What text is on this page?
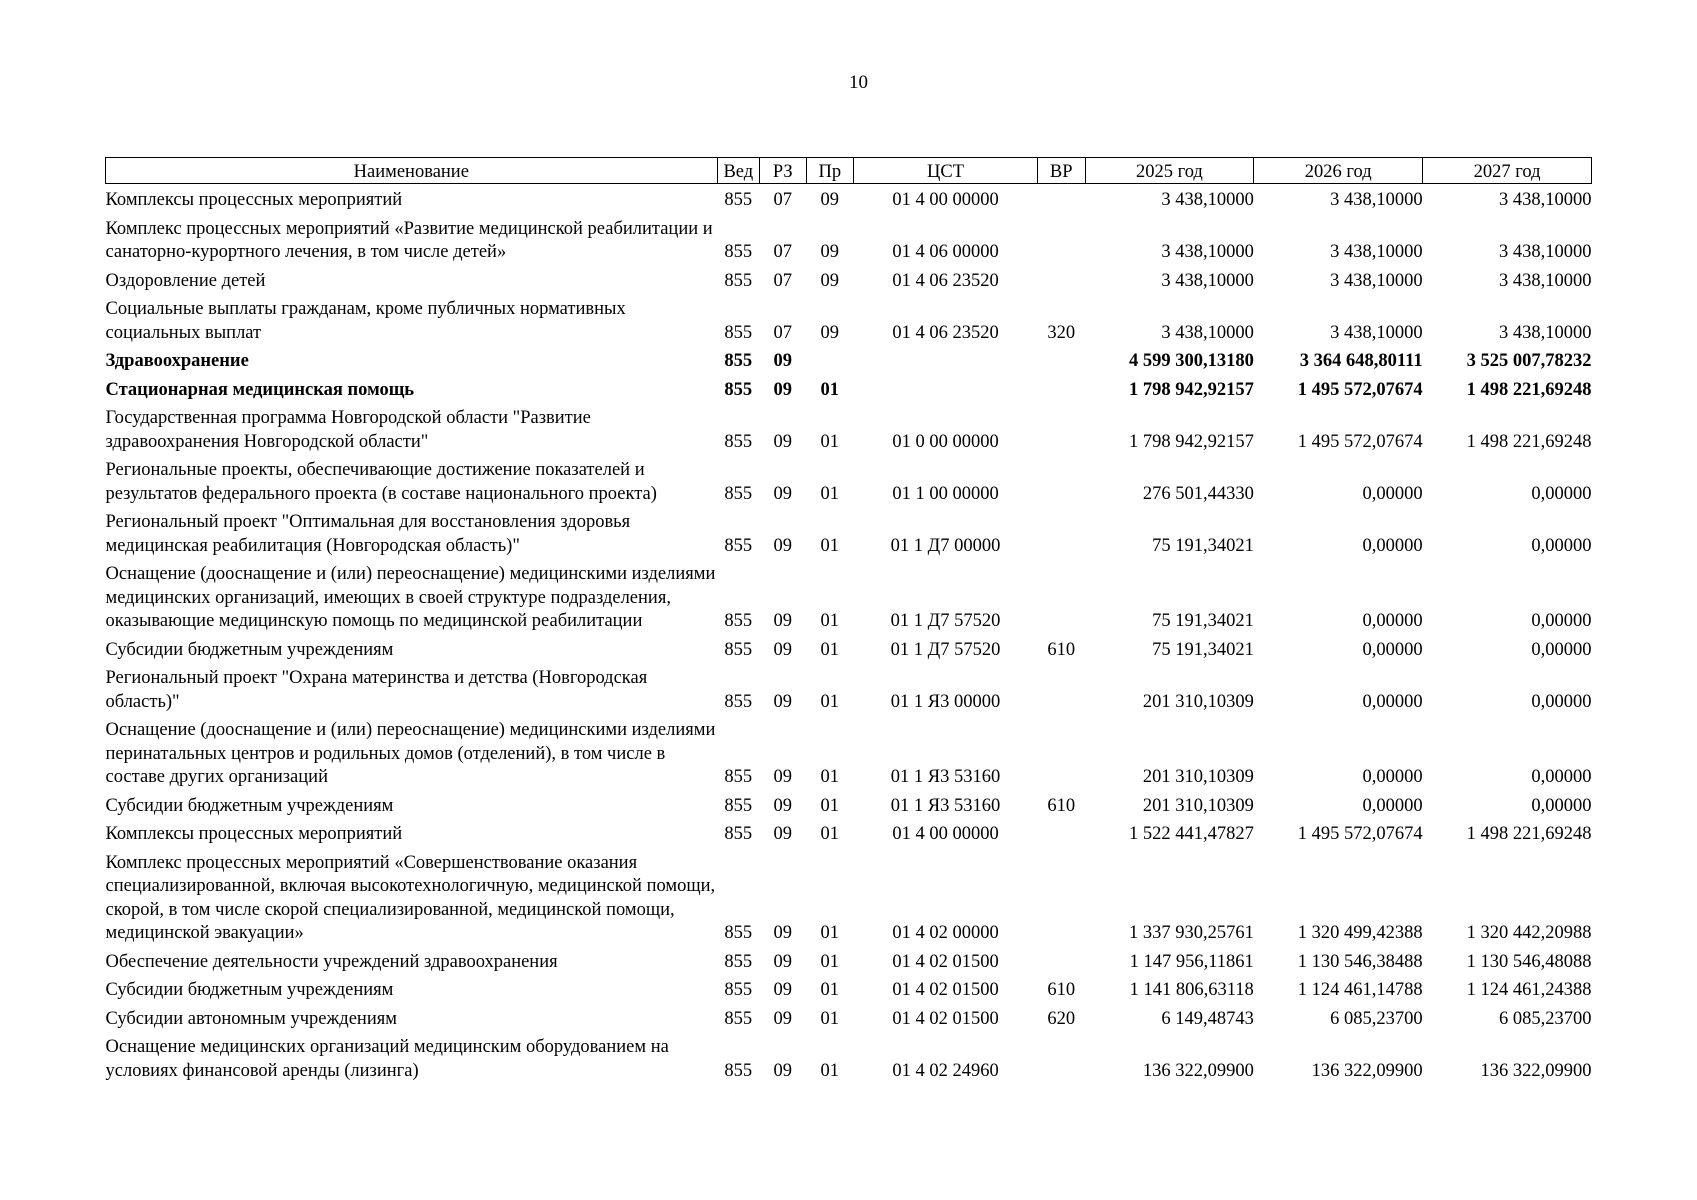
10
Наименование	Вед	РЗ	Пр	ЦСТ	ВР	2025 год	2026 год	2027 год
Комплексы процессных мероприятий	855	07	09	01 4 00 00000		3 438,10000	3 438,10000	3 438,10000
Комплекс процессных мероприятий «Развитие медицинской реабилитации и санаторно-курортного лечения, в том числе детей»	855	07	09	01 4 06 00000		3 438,10000	3 438,10000	3 438,10000
Оздоровление детей	855	07	09	01 4 06 23520		3 438,10000	3 438,10000	3 438,10000
Социальные выплаты гражданам, кроме публичных нормативных социальных выплат	855	07	09	01 4 06 23520	320	3 438,10000	3 438,10000	3 438,10000
Здравоохранение	855	09				4 599 300,13180	3 364 648,80111	3 525 007,78232
Стационарная медицинская помощь	855	09	01			1 798 942,92157	1 495 572,07674	1 498 221,69248
Государственная программа Новгородской области "Развитие здравоохранения Новгородской области"	855	09	01	01 0 00 00000		1 798 942,92157	1 495 572,07674	1 498 221,69248
Региональные проекты, обеспечивающие достижение показателей и результатов федерального проекта (в составе национального проекта)	855	09	01	01 1 00 00000		276 501,44330	0,00000	0,00000
Региональный проект "Оптимальная для восстановления здоровья медицинская реабилитация (Новгородская область)"	855	09	01	01 1 Д7 00000		75 191,34021	0,00000	0,00000
Оснащение (дооснащение и (или) переоснащение) медицинскими изделиями медицинских организаций, имеющих в своей структуре подразделения, оказывающие медицинскую помощь по медицинской реабилитации	855	09	01	01 1 Д7 57520		75 191,34021	0,00000	0,00000
Субсидии бюджетным учреждениям	855	09	01	01 1 Д7 57520	610	75 191,34021	0,00000	0,00000
Региональный проект "Охрана материнства и детства (Новгородская область)"	855	09	01	01 1 Я3 00000		201 310,10309	0,00000	0,00000
Оснащение (дооснащение и (или) переоснащение) медицинскими изделиями перинатальных центров и родильных домов (отделений), в том числе в составе других организаций	855	09	01	01 1 Я3 53160		201 310,10309	0,00000	0,00000
Субсидии бюджетным учреждениям	855	09	01	01 1 Я3 53160	610	201 310,10309	0,00000	0,00000
Комплексы процессных мероприятий	855	09	01	01 4 00 00000		1 522 441,47827	1 495 572,07674	1 498 221,69248
Комплекс процессных мероприятий «Совершенствование оказания специализированной, включая высокотехнологичную, медицинской помощи, скорой, в том числе скорой специализированной, медицинской помощи, медицинской эвакуации»	855	09	01	01 4 02 00000		1 337 930,25761	1 320 499,42388	1 320 442,20988
Обеспечение деятельности учреждений здравоохранения	855	09	01	01 4 02 01500		1 147 956,11861	1 130 546,38488	1 130 546,48088
Субсидии бюджетным учреждениям	855	09	01	01 4 02 01500	610	1 141 806,63118	1 124 461,14788	1 124 461,24388
Субсидии автономным учреждениям	855	09	01	01 4 02 01500	620	6 149,48743	6 085,23700	6 085,23700
Оснащение медицинских организаций медицинским оборудованием на условиях финансовой аренды (лизинга)	855	09	01	01 4 02 24960		136 322,09900	136 322,09900	136 322,09900
